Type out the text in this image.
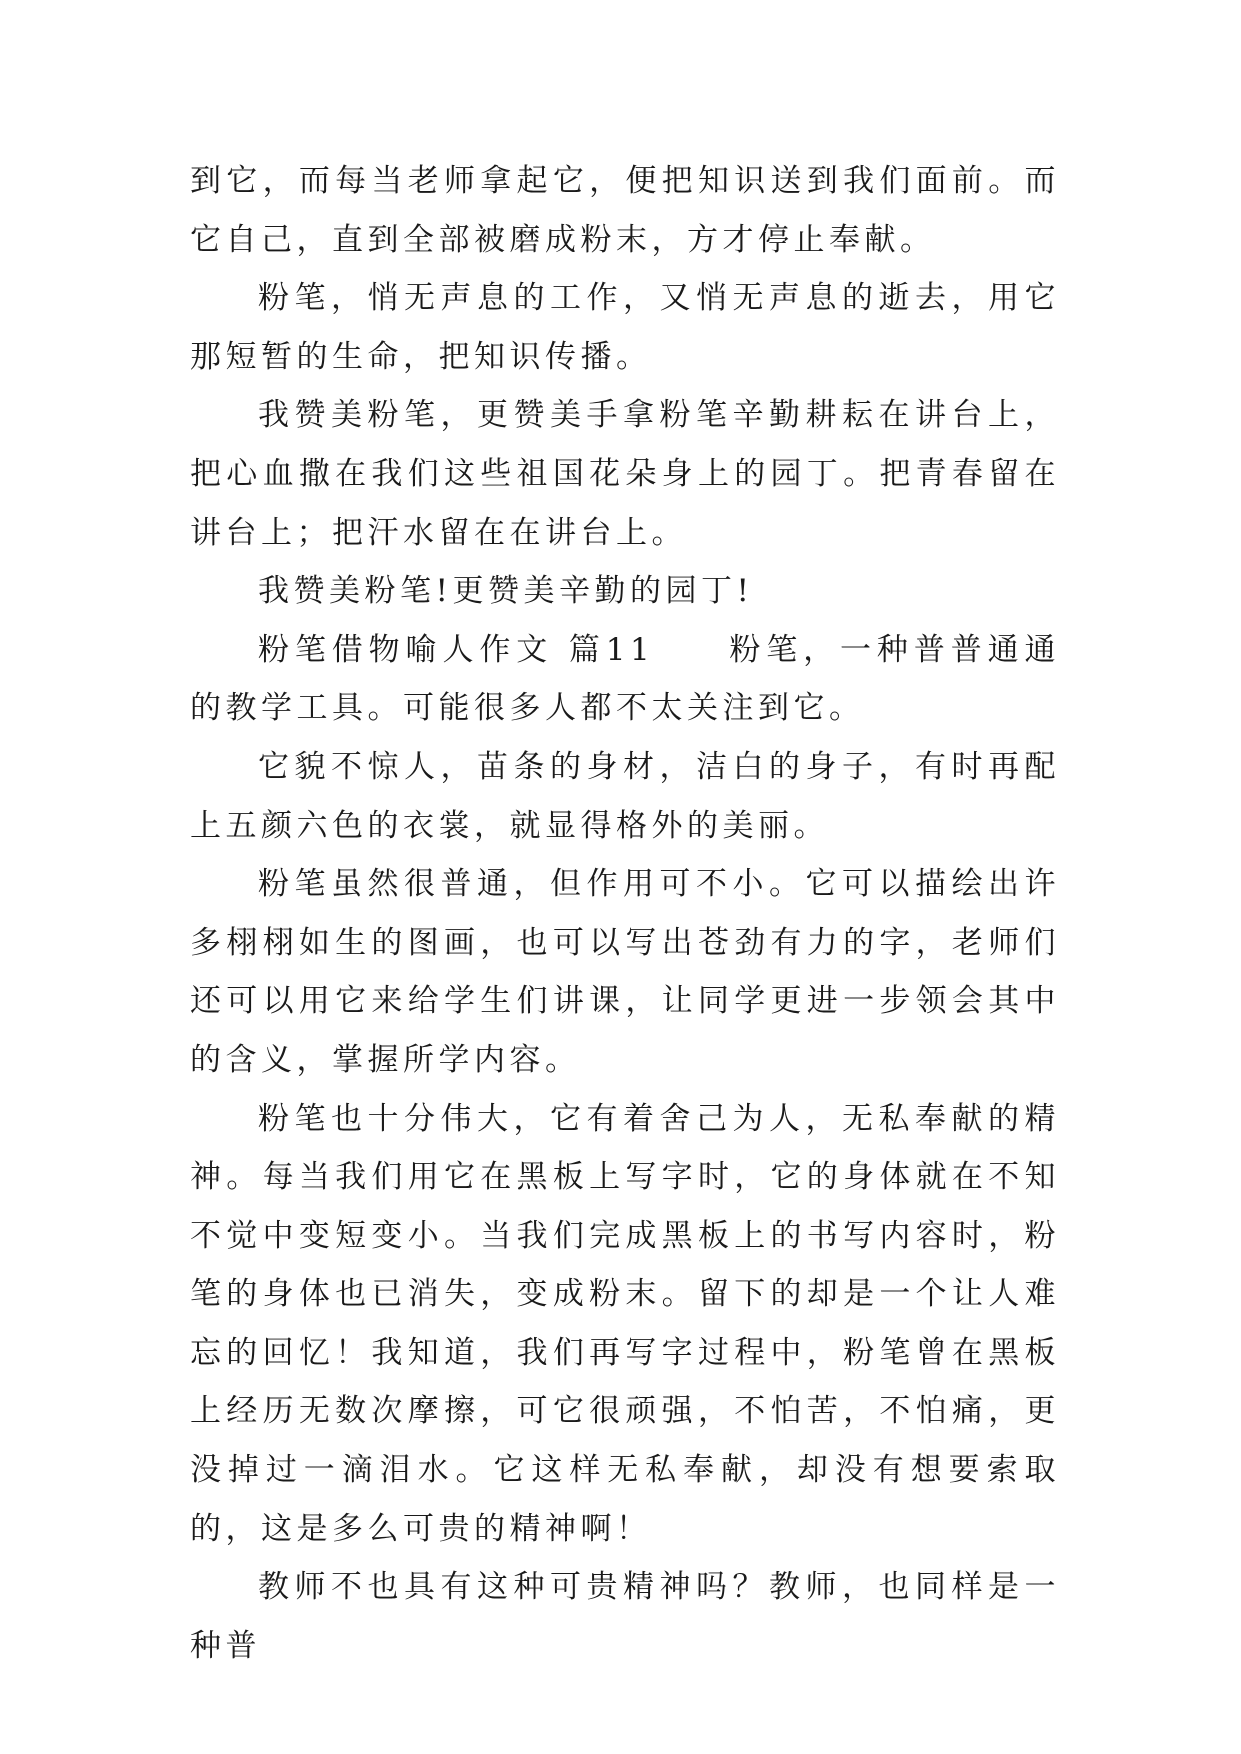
到它，而每当老师拿起它，便把知识送到我们面前。而它自己，直到全部被磨成粉末，方才停止奉献。

粉笔，悄无声息的工作，又悄无声息的逝去，用它那短暂的生命，把知识传播。

我赞美粉笔，更赞美手拿粉笔辛勤耕耘在讲台上，把心血撒在我们这些祖国花朵身上的园丁。把青春留在讲台上；把汗水留在在讲台上。

我赞美粉笔!更赞美辛勤的园丁!

粉笔借物喻人作文 篇11　　粉笔，一种普普通通的教学工具。可能很多人都不太关注到它。

它貌不惊人，苗条的身材，洁白的身子，有时再配上五颜六色的衣裳，就显得格外的美丽。

粉笔虽然很普通，但作用可不小。它可以描绘出许多栩栩如生的图画，也可以写出苍劲有力的字，老师们还可以用它来给学生们讲课，让同学更进一步领会其中的含义，掌握所学内容。

粉笔也十分伟大，它有着舍己为人，无私奉献的精神。每当我们用它在黑板上写字时，它的身体就在不知不觉中变短变小。当我们完成黑板上的书写内容时，粉笔的身体也已消失，变成粉末。留下的却是一个让人难忘的回忆！我知道，我们再写字过程中，粉笔曾在黑板上经历无数次摩擦，可它很顽强，不怕苦，不怕痛，更没掉过一滴泪水。它这样无私奉献，却没有想要索取的，这是多么可贵的精神啊！

教师不也具有这种可贵精神吗？教师，也同样是一种普
